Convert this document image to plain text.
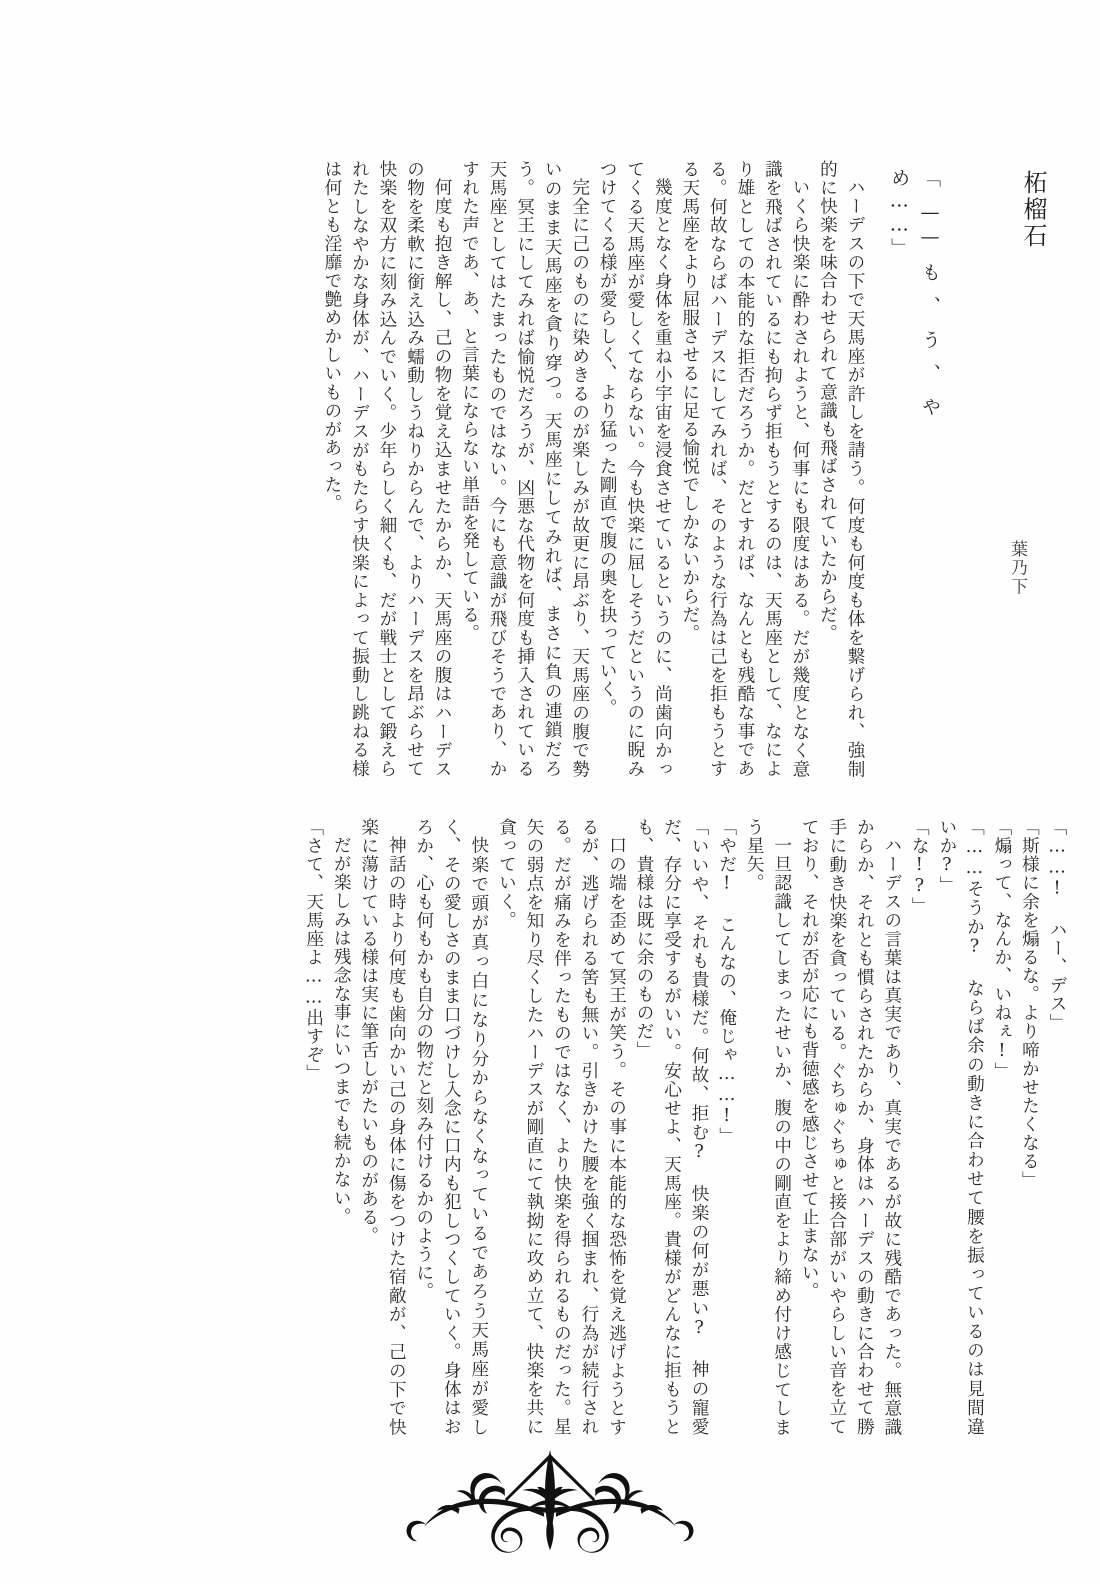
柘榴石
葉乃下
「——も、う、やめ……」

ハーデスの下で天馬座が許しを請う。何度も何度も体を繋げられ、強制的に快楽を味合わせられて意識も飛ばされていたからだ。

いくら快楽に酔わされようと、何事にも限度はある。だが幾度となく意識を飛ばされているにも拘らず拒もうとするのは、天馬座として、なにより雄としての本能的な拒否だろうか。だとすれば、なんとも残酷な事である。何故ならばハーデスにしてみれば、そのような行為は己を拒もうとする天馬座をより屈服させるに足る愉悦でしかないからだ。

幾度となく身体を重ね小宇宙を浸食させているというのに、尚歯向かってくる天馬座が愛しくてならない。今も快楽に屈しそうだというのに睨みつけてくる様が愛らしく、より猛った剛直で腹の奥を抉っていく。

完全に己のものに染めきるのが楽しみが故更に昂ぶり、天馬座の腹で勢いのまま天馬座を貪り穿つ。天馬座にしてみれば、まさに負の連鎖だろう。冥王にしてみれば愉悦だろうが、凶悪な代物を何度も挿入されている天馬座としてはたまったものではない。今にも意識が飛びそうであり、かすれた声であ、あ、と言葉にならない単語を発している。

何度も抱き解し、己の物を覚え込ませたからか、天馬座の腹はハーデスの物を柔軟に銜え込み蠕動しうねりからんで、よりハーデスを昂ぶらせて快楽を双方に刻み込んでいく。少年らしく細くも、だが戦士として鍛えられたしなやかな身体が、ハーデスがもたらす快楽によって振動し跳ねる様は何とも淫靡で艶めかしいものがあった。

「……! ハー、デス」

「斯様に余を煽るな。より啼かせたくなる」

「煽って、なんか、いねぇ!」

「……そうか? ならば余の動きに合わせて腰を振っているのは見間違いか?」

「な!?」

ハーデスの言葉は真実であり、真実であるが故に残酷であった。無意識からか、それとも慣らされたからか、身体はハーデスの動きに合わせて勝手に動き快楽を貪っている。ぐちゅぐちゅと接合部がいやらしい音を立てており、それが否が応にも背徳感を感じさせて止まない。

一旦認識してしまったせいか、腹の中の剛直をより締め付け感じてしまう星矢。

「やだ! こんなの、俺じゃ……!」

「いいや、それも貴様だ。何故、拒む? 快楽の何が悪い? 神の寵愛だ、存分に享受するがいい。安心せよ、天馬座。貴様がどんなに拒もうとも、貴様は既に余のものだ」

口の端を歪めて冥王が笑う。その事に本能的な恐怖を覚え逃げようとするが、逃げられる筈も無い。引きかけた腰を強く掴まれ、行為が続行される。だが痛みを伴ったものではなく、より快楽を得られるものだった。星矢の弱点を知り尽くしたハーデスが剛直にて執拗に攻め立て、快楽を共に貪っていく。

快楽で頭が真っ白になり分からなくなっているであろう天馬座が愛しく、その愛しさのまま口づけし入念に口内も犯しつくしていく。身体はおろか、心も何もかも自分の物だと刻み付けるかのように。

神話の時より何度も歯向かい己の身体に傷をつけた宿敵が、己の下で快楽に蕩けている様は実に筆舌しがたいものがある。

だが楽しみは残念な事にいつまでも続かない。

「さて、天馬座よ……出すぞ」
